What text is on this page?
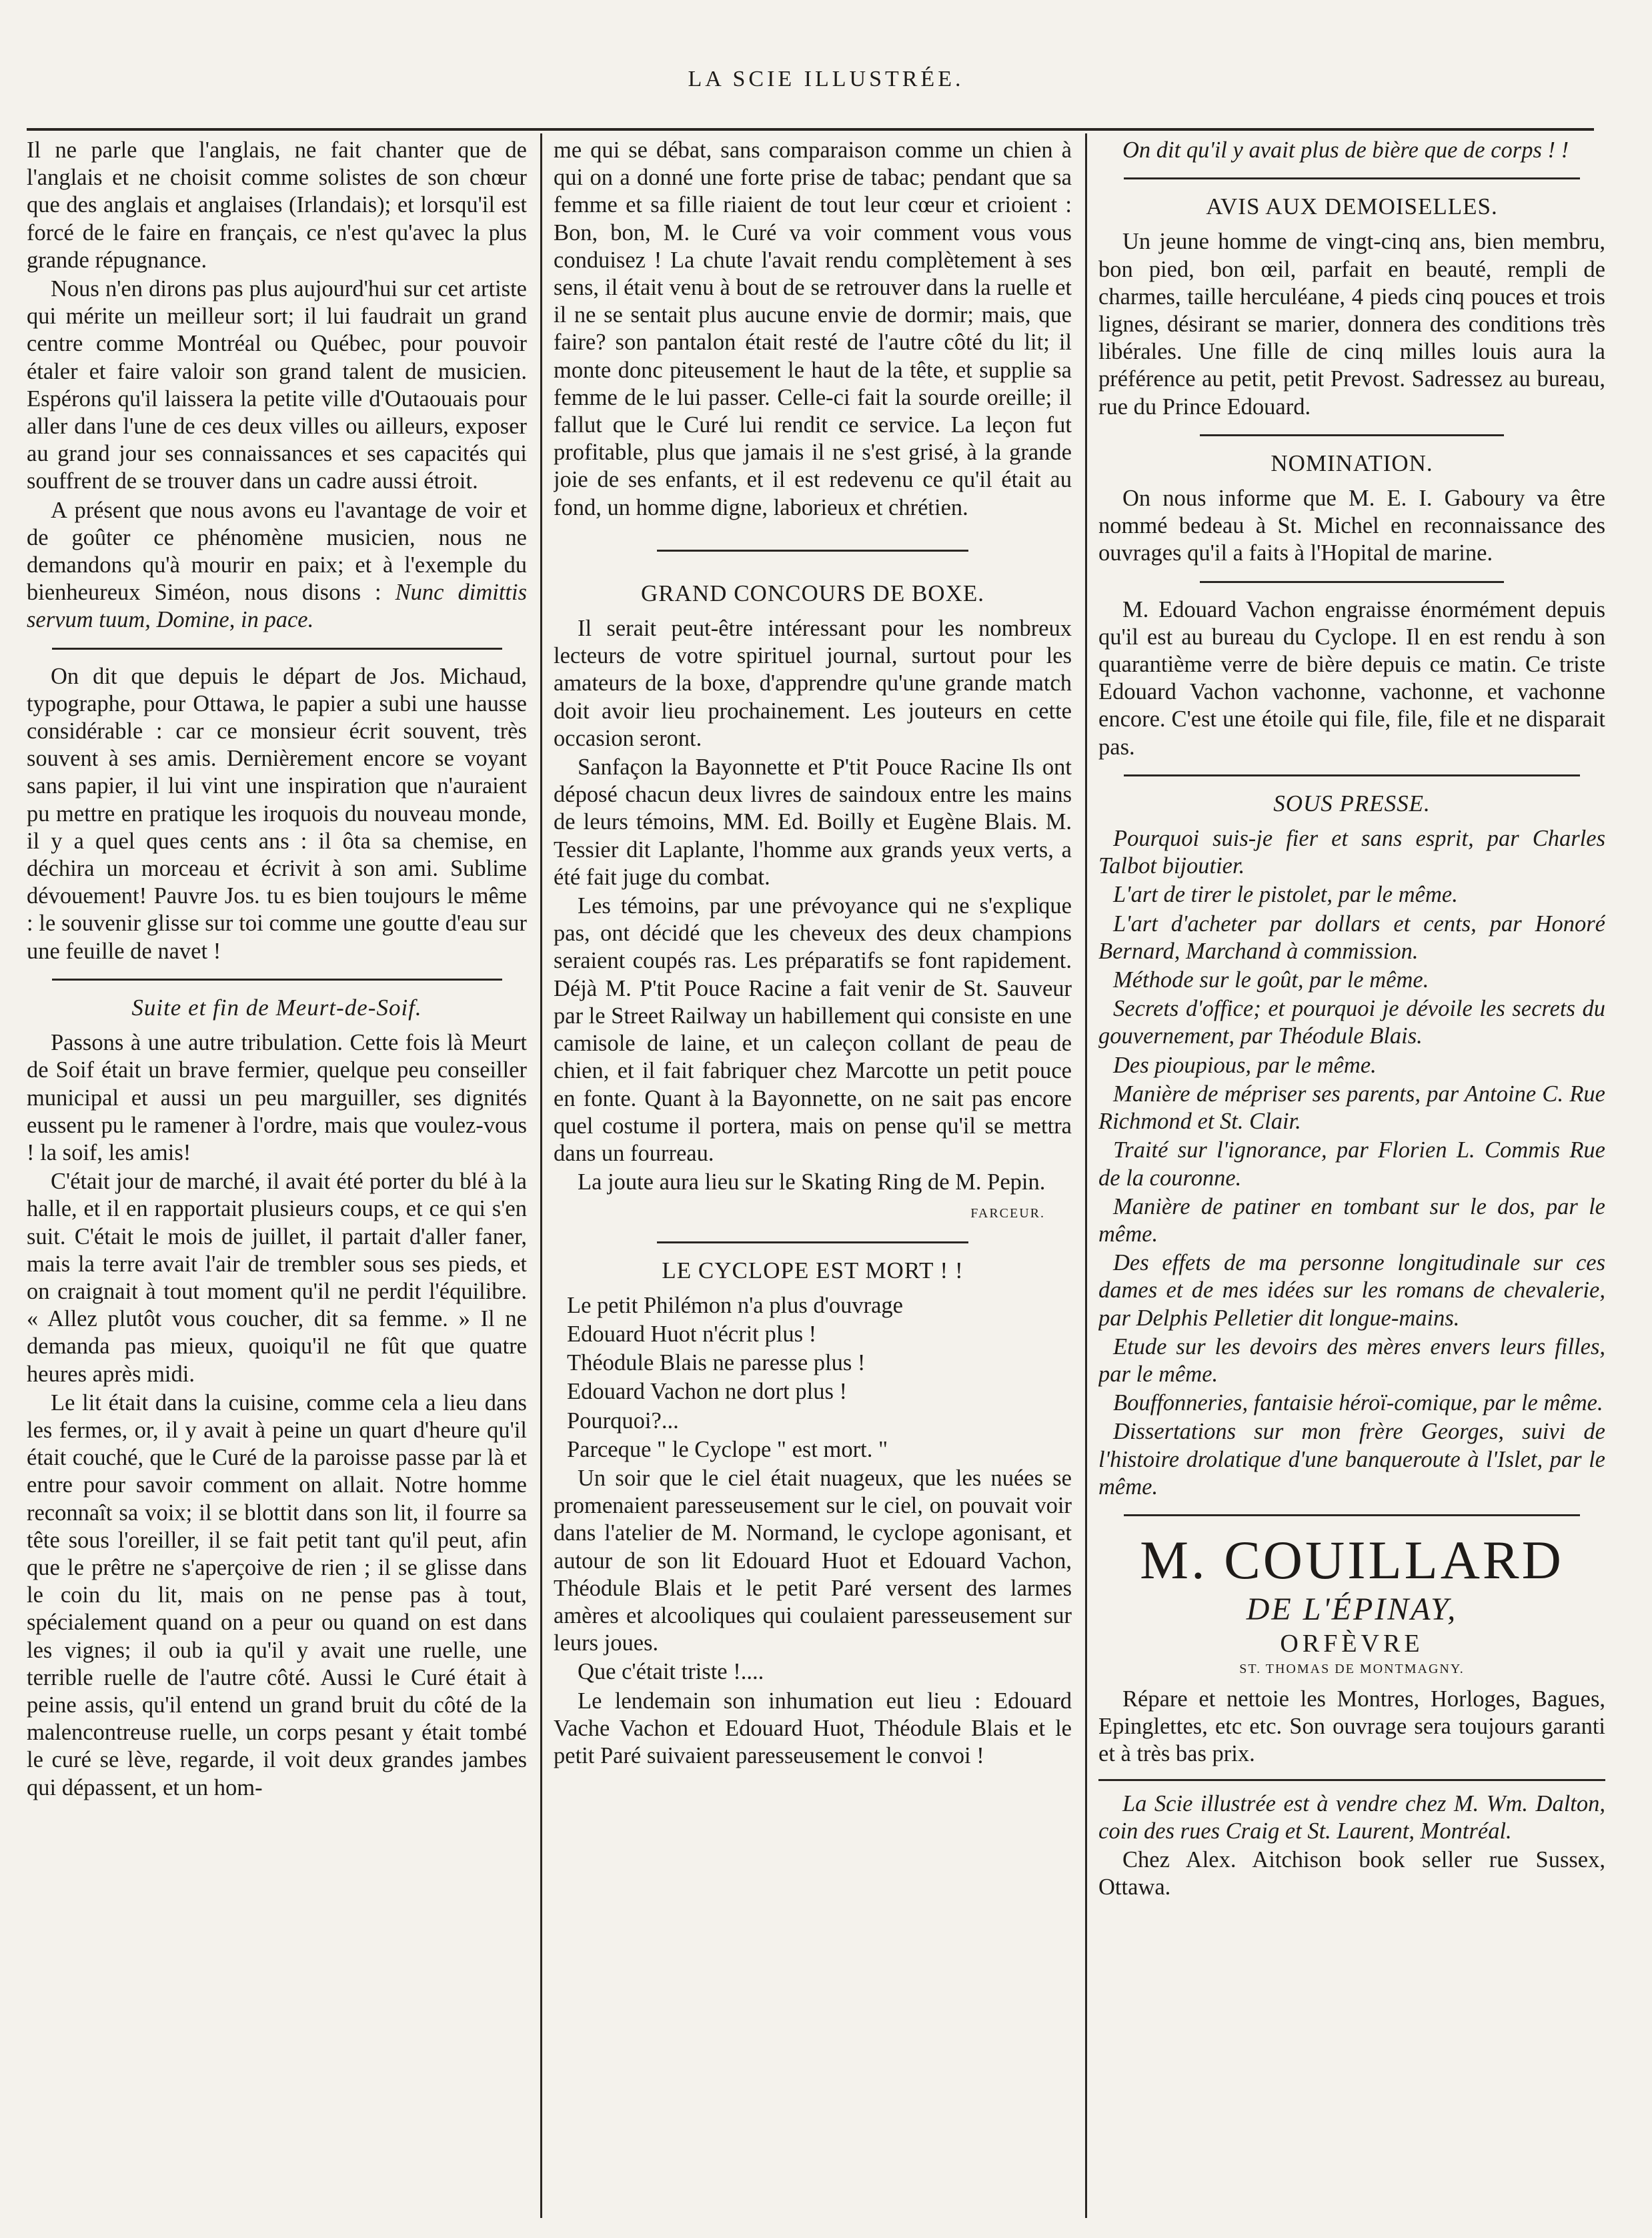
LA SCIE ILLUSTRÉE.

Il ne parle que l'anglais, ne fait chanter que de l'anglais et ne choisit comme solistes de son chœur que des anglais et anglaises (Irlandais); et lorsqu'il est forcé de le faire en français, ce n'est qu'avec la plus grande répugnance.

Nous n'en dirons pas plus aujourd'hui sur cet artiste qui mérite un meilleur sort; il lui faudrait un grand centre comme Montréal ou Québec, pour pouvoir étaler et faire valoir son grand talent de musicien. Espérons qu'il laissera la petite ville d'Outaouais pour aller dans l'une de ces deux villes ou ailleurs, exposer au grand jour ses connaissances et ses capacités qui souffrent de se trouver dans un cadre aussi étroit.

A présent que nous avons eu l'avantage de voir et de goûter ce phénomène musicien, nous ne demandons qu'à mourir en paix; et à l'exemple du bienheureux Siméon, nous disons : Nunc dimittis servum tuum, Domine, in pace.

On dit que depuis le départ de Jos. Michaud, typographe, pour Ottawa, le papier a subi une hausse considérable : car ce monsieur écrit souvent, très souvent à ses amis. Dernièrement encore se voyant sans papier, il lui vint une inspiration que n'auraient pu mettre en pratique les iroquois du nouveau monde, il y a quel ques cents ans : il ôta sa chemise, en déchira un morceau et écrivit à son ami. Sublime dévouement! Pauvre Jos. tu es bien toujours le même : le souvenir glisse sur toi comme une goutte d'eau sur une feuille de navet !

Suite et fin de Meurt-de-Soif.

Passons à une autre tribulation. Cette fois là Meurt de Soif était un brave fermier, quelque peu conseiller municipal et aussi un peu marguiller, ses dignités eussent pu le ramener à l'ordre, mais que voulez-vous ! la soif, les amis!

C'était jour de marché, il avait été porter du blé à la halle, et il en rapportait plusieurs coups, et ce qui s'en suit. C'était le mois de juillet, il partait d'aller faner, mais la terre avait l'air de trembler sous ses pieds, et on craignait à tout moment qu'il ne perdit l'équilibre. « Allez plutôt vous coucher, dit sa femme. » Il ne demanda pas mieux, quoiqu'il ne fût que quatre heures après midi.

Le lit était dans la cuisine, comme cela a lieu dans les fermes, or, il y avait à peine un quart d'heure qu'il était couché, que le Curé de la paroisse passe par là et entre pour savoir comment on allait. Notre homme reconnaît sa voix; il se blottit dans son lit, il fourre sa tête sous l'oreiller, il se fait petit tant qu'il peut, afin que le prêtre ne s'aperçoive de rien ; il se glisse dans le coin du lit, mais on ne pense pas à tout, spécialement quand on a peur ou quand on est dans les vignes; il oub ia qu'il y avait une ruelle, une terrible ruelle de l'autre côté. Aussi le Curé était à peine assis, qu'il entend un grand bruit du côté de la malencontreuse ruelle, un corps pesant y était tombé le curé se lève, regarde, il voit deux grandes jambes qui dépassent, et un hom-

me qui se débat, sans comparaison comme un chien à qui on a donné une forte prise de tabac; pendant que sa femme et sa fille riaient de tout leur cœur et crioient : Bon, bon, M. le Curé va voir comment vous vous conduisez ! La chute l'avait rendu complètement à ses sens, il était venu à bout de se retrouver dans la ruelle et il ne se sentait plus aucune envie de dormir; mais, que faire? son pantalon était resté de l'autre côté du lit; il monte donc piteusement le haut de la tête, et supplie sa femme de le lui passer. Celle-ci fait la sourde oreille; il fallut que le Curé lui rendit ce service. La leçon fut profitable, plus que jamais il ne s'est grisé, à la grande joie de ses enfants, et il est redevenu ce qu'il était au fond, un homme digne, laborieux et chrétien.

GRAND CONCOURS DE BOXE.

Il serait peut-être intéressant pour les nombreux lecteurs de votre spirituel journal, surtout pour les amateurs de la boxe, d'apprendre qu'une grande match doit avoir lieu prochainement. Les jouteurs en cette occasion seront.

Sanfaçon la Bayonnette et P'tit Pouce Racine Ils ont déposé chacun deux livres de saindoux entre les mains de leurs témoins, MM. Ed. Boilly et Eugène Blais. M. Tessier dit Laplante, l'homme aux grands yeux verts, a été fait juge du combat.

Les témoins, par une prévoyance qui ne s'explique pas, ont décidé que les cheveux des deux champions seraient coupés ras. Les préparatifs se font rapidement. Déjà M. P'tit Pouce Racine a fait venir de St. Sauveur par le Street Railway un habillement qui consiste en une camisole de laine, et un caleçon collant de peau de chien, et il fait fabriquer chez Marcotte un petit pouce en fonte. Quant à la Bayonnette, on ne sait pas encore quel costume il portera, mais on pense qu'il se mettra dans un fourreau.

La joute aura lieu sur le Skating Ring de M. Pepin.

FARCEUR.
LE CYCLOPE EST MORT ! !

Le petit Philémon n'a plus d'ouvrage

Edouard Huot n'écrit plus !

Théodule Blais ne paresse plus !

Edouard Vachon ne dort plus !

Pourquoi?...

Parceque " le Cyclope " est mort. "

Un soir que le ciel était nuageux, que les nuées se promenaient paresseusement sur le ciel, on pouvait voir dans l'atelier de M. Normand, le cyclope agonisant, et autour de son lit Edouard Huot et Edouard Vachon, Théodule Blais et le petit Paré versent des larmes amères et alcooliques qui coulaient paresseusement sur leurs joues.

Que c'était triste !....

Le lendemain son inhumation eut lieu : Edouard Vache Vachon et Edouard Huot, Théodule Blais et le petit Paré suivaient paresseusement le convoi !

On dit qu'il y avait plus de bière que de corps ! !

AVIS AUX DEMOISELLES.

Un jeune homme de vingt-cinq ans, bien membru, bon pied, bon œil, parfait en beauté, rempli de charmes, taille herculéane, 4 pieds cinq pouces et trois lignes, désirant se marier, donnera des conditions très libérales. Une fille de cinq milles louis aura la préférence au petit, petit Prevost. Sadressez au bureau, rue du Prince Edouard.

NOMINATION.

On nous informe que M. E. I. Gaboury va être nommé bedeau à St. Michel en reconnaissance des ouvrages qu'il a faits à l'Hopital de marine.

M. Edouard Vachon engraisse énormément depuis qu'il est au bureau du Cyclope. Il en est rendu à son quarantième verre de bière depuis ce matin. Ce triste Edouard Vachon vachonne, vachonne, et vachonne encore. C'est une étoile qui file, file, file et ne disparait pas.

SOUS PRESSE.

Pourquoi suis-je fier et sans esprit, par Charles Talbot bijoutier.

L'art de tirer le pistolet, par le même.

L'art d'acheter par dollars et cents, par Honoré Bernard, Marchand à commission.

Méthode sur le goût, par le même.

Secrets d'office; et pourquoi je dévoile les secrets du gouvernement, par Théodule Blais.

Des pioupious, par le même.

Manière de mépriser ses parents, par Antoine C. Rue Richmond et St. Clair.

Traité sur l'ignorance, par Florien L. Commis Rue de la couronne.

Manière de patiner en tombant sur le dos, par le même.

Des effets de ma personne longitudinale sur ces dames et de mes idées sur les romans de chevalerie, par Delphis Pelletier dit longue-mains.

Etude sur les devoirs des mères envers leurs filles, par le même.

Bouffonneries, fantaisie héroï-comique, par le même.

Dissertations sur mon frère Georges, suivi de l'histoire drolatique d'une banqueroute à l'Islet, par le même.

M. COUILLARD
DE L'ÉPINAY,
ORFÈVRE
ST. THOMAS DE MONTMAGNY.

Répare et nettoie les Montres, Horloges, Bagues, Epinglettes, etc etc. Son ouvrage sera toujours garanti et à très bas prix.

La Scie illustrée est à vendre chez M. Wm. Dalton, coin des rues Craig et St. Laurent, Montréal.

Chez Alex. Aitchison book seller rue Sussex, Ottawa.
